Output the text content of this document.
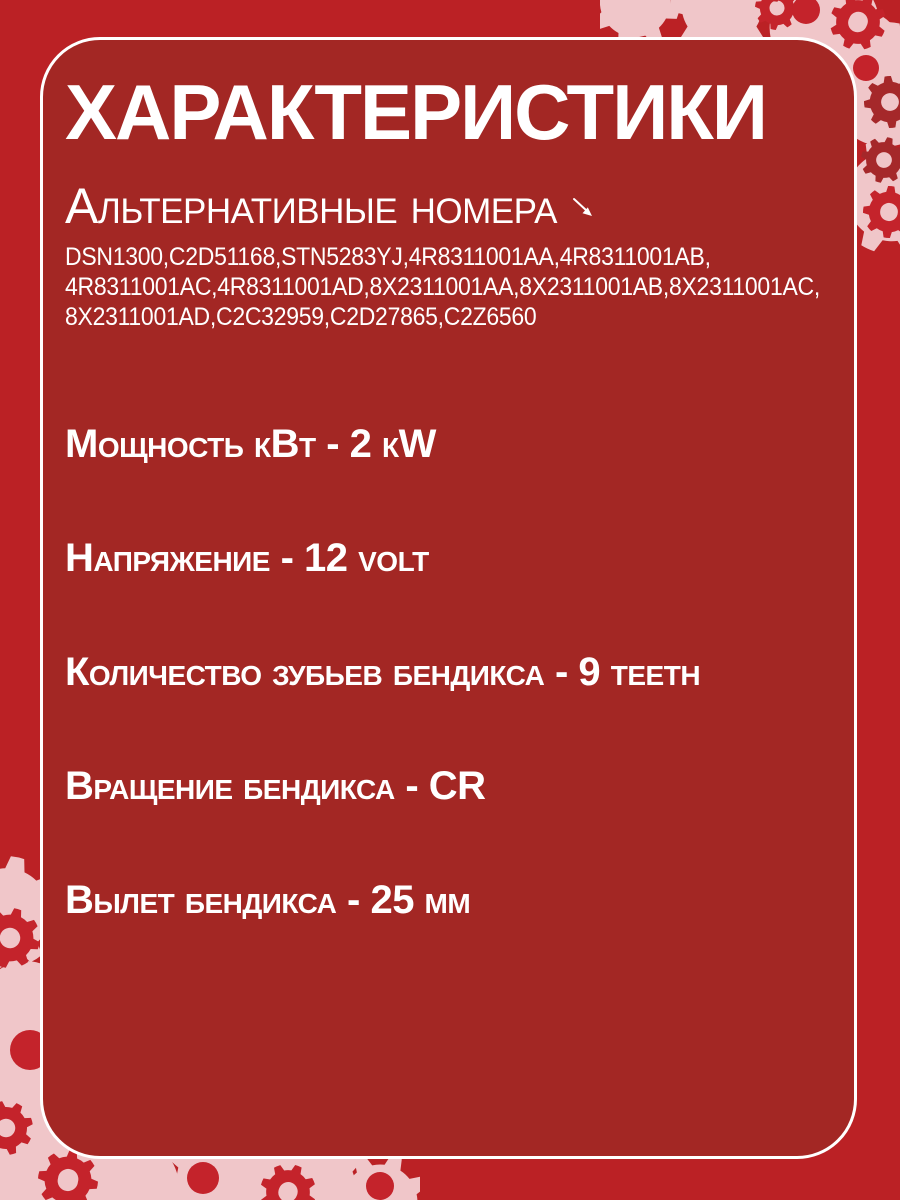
ХАРАКТЕРИСТИКИ
Альтернативные номера
DSN1300,C2D51168,STN5283YJ,4R8311001AA,4R8311001AB,
4R8311001AC,4R8311001AD,8X2311001AA,8X2311001AB,8X2311001AC,
8X2311001AD,C2C32959,C2D27865,C2Z6560
Мощность кВт - 2 кW
Напряжение - 12 volt
Количество зубьев бендикса - 9 teeth
Вращение бендикса - CR
Вылет бендикса - 25 мм
